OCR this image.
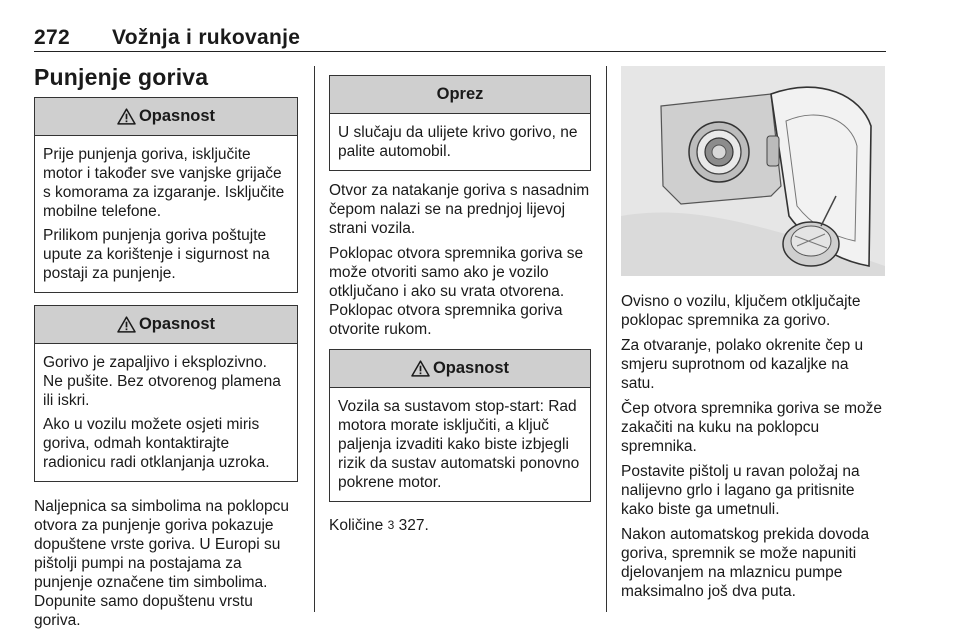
272 Vožnja i rukovanje
Punjenje goriva
Opasnost

Prije punjenja goriva, isključite motor i također sve vanjske grijače s komorama za izgaranje. Isključite mobilne telefone.

Prilikom punjenja goriva poštujte upute za korištenje i sigurnost na postaji za punjenje.

Opasnost

Gorivo je zapaljivo i eksplozivno. Ne pušite. Bez otvorenog plamena ili iskri.

Ako u vozilu možete osjeti miris goriva, odmah kontaktirajte radionicu radi otklanjanja uzroka.

Naljepnica sa simbolima na poklopcu otvora za punjenje goriva pokazuje dopuštene vrste goriva. U Europi su pištolji pumpi na postajama za punjenje označene tim simbolima. Dopunite samo dopuštenu vrstu goriva.

Oprez

U slučaju da ulijete krivo gorivo, ne palite automobil.

Otvor za natakanje goriva s nasadnim čepom nalazi se na prednjoj lijevoj strani vozila.

Poklopac otvora spremnika goriva se može otvoriti samo ako je vozilo otključano i ako su vrata otvorena. Poklopac otvora spremnika goriva otvorite rukom.

Opasnost

Vozila sa sustavom stop-start: Rad motora morate isključiti, a ključ paljenja izvaditi kako biste izbjegli rizik da sustav automatski ponovno pokrene motor.

Količine 3 327.

Ovisno o vozilu, ključem otključajte poklopac spremnika za gorivo.

Za otvaranje, polako okrenite čep u smjeru suprotnom od kazaljke na satu.

Čep otvora spremnika goriva se može zakačiti na kuku na poklopcu spremnika.

Postavite pištolj u ravan položaj na nalijevno grlo i lagano ga pritisnite kako biste ga umetnuli.

Nakon automatskog prekida dovoda goriva, spremnik se može napuniti djelovanjem na mlaznicu pumpe maksimalno još dva puta.
